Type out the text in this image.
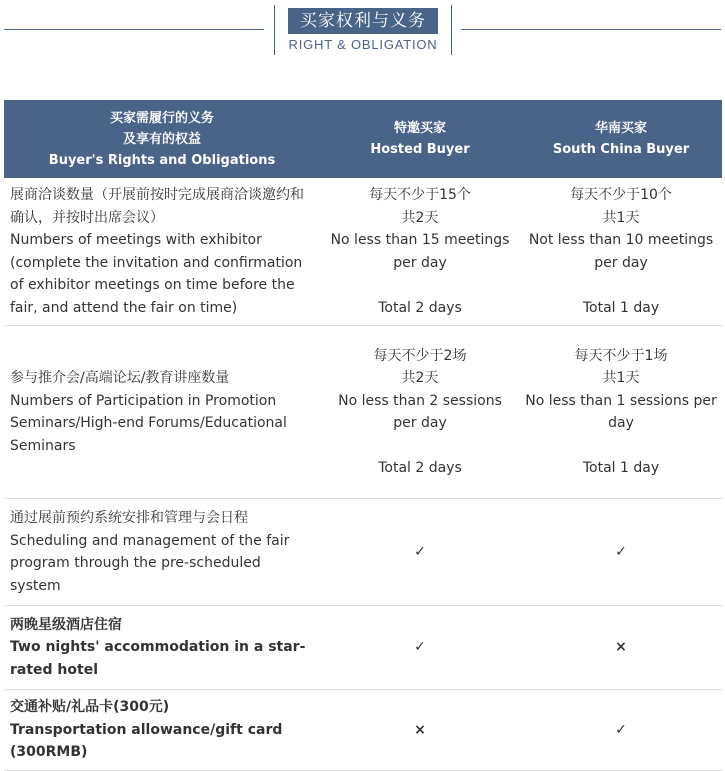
买家权利与义务
RIGHT & OBLIGATION
买家需履行的义务
及享有的权益
Buyer's Rights and Obligations	特邀买家
Hosted Buyer	华南买家
South China Buyer

展商洽谈数量（开展前按时完成展商洽谈邀约和确认，并按时出席会议）
Numbers of meetings with exhibitor (complete the invitation and confirmation of exhibitor meetings on time before the fair, and attend the fair on time)	每天不少于15个
共2天
No less than 15 meetings per day
Total 2 days	每天不少于10个
共1天
Not less than 10 meetings per day
Total 1 day

参与推介会/高端论坛/教育讲座数量
Numbers of Participation in Promotion Seminars/High-end Forums/Educational Seminars	每天不少于2场
共2天
No less than 2 sessions per day
Total 2 days	每天不少于1场
共1天
No less than 1 sessions per day
Total 1 day

通过展前预约系统安排和管理与会日程
Scheduling and management of the fair program through the pre-scheduled system	✓	✓

两晚星级酒店住宿
Two nights' accommodation in a star-rated hotel	✓	×

交通补贴/礼品卡(300元)
Transportation allowance/gift card (300RMB)	×	✓
